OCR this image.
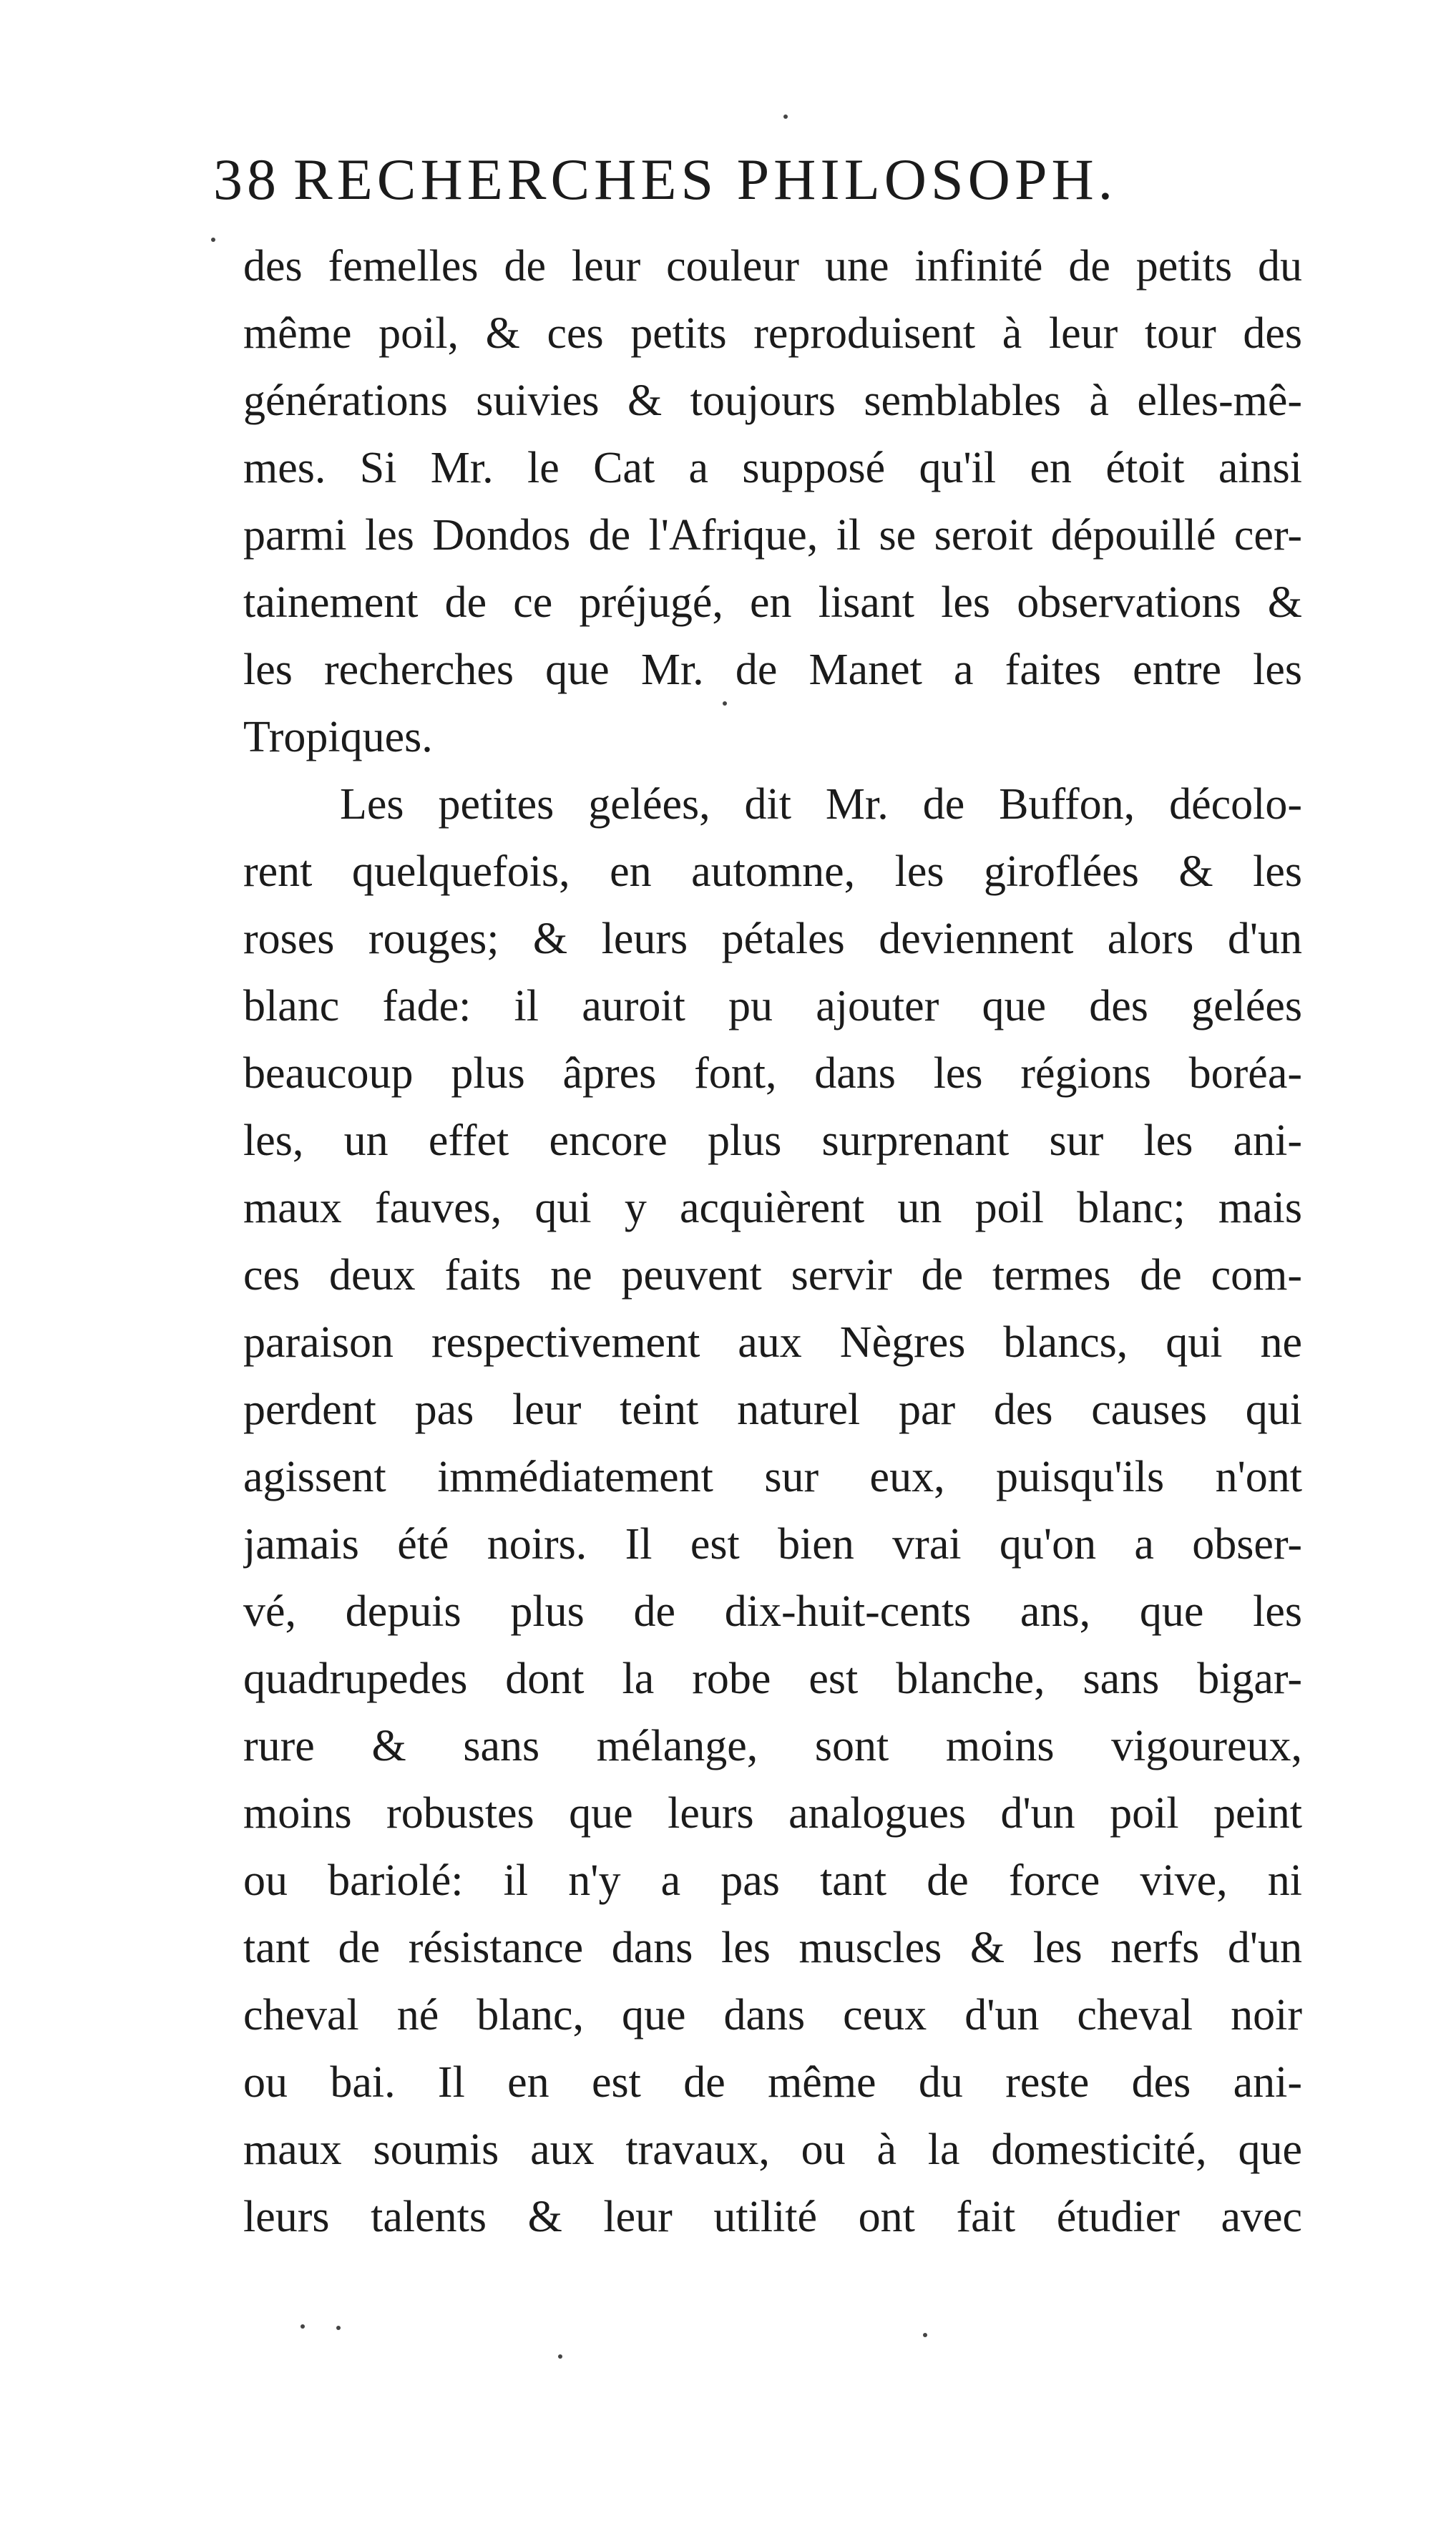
38 RECHERCHES PHILOSOPH.
des femelles de leur couleur une infinité de petits du
même poil, & ces petits reproduisent à leur tour des
générations suivies & toujours semblables à elles-mê-
mes. Si Mr. le Cat a supposé qu'il en étoit ainsi
parmi les Dondos de l'Afrique, il se seroit dépouillé cer-
tainement de ce préjugé, en lisant les observations &
les recherches que Mr. de Manet a faites entre les
Tropiques.
Les petites gelées, dit Mr. de Buffon, décolo-
rent quelquefois, en automne, les giroflées & les
roses rouges; & leurs pétales deviennent alors d'un
blanc fade: il auroit pu ajouter que des gelées
beaucoup plus âpres font, dans les régions boréa-
les, un effet encore plus surprenant sur les ani-
maux fauves, qui y acquièrent un poil blanc; mais
ces deux faits ne peuvent servir de termes de com-
paraison respectivement aux Nègres blancs, qui ne
perdent pas leur teint naturel par des causes qui
agissent immédiatement sur eux, puisqu'ils n'ont
jamais été noirs. Il est bien vrai qu'on a obser-
vé, depuis plus de dix-huit-cents ans, que les
quadrupedes dont la robe est blanche, sans bigar-
rure & sans mélange, sont moins vigoureux,
moins robustes que leurs analogues d'un poil peint
ou bariolé: il n'y a pas tant de force vive, ni
tant de résistance dans les muscles & les nerfs d'un
cheval né blanc, que dans ceux d'un cheval noir
ou bai. Il en est de même du reste des ani-
maux soumis aux travaux, ou à la domesticité, que
leurs talents & leur utilité ont fait étudier avec
